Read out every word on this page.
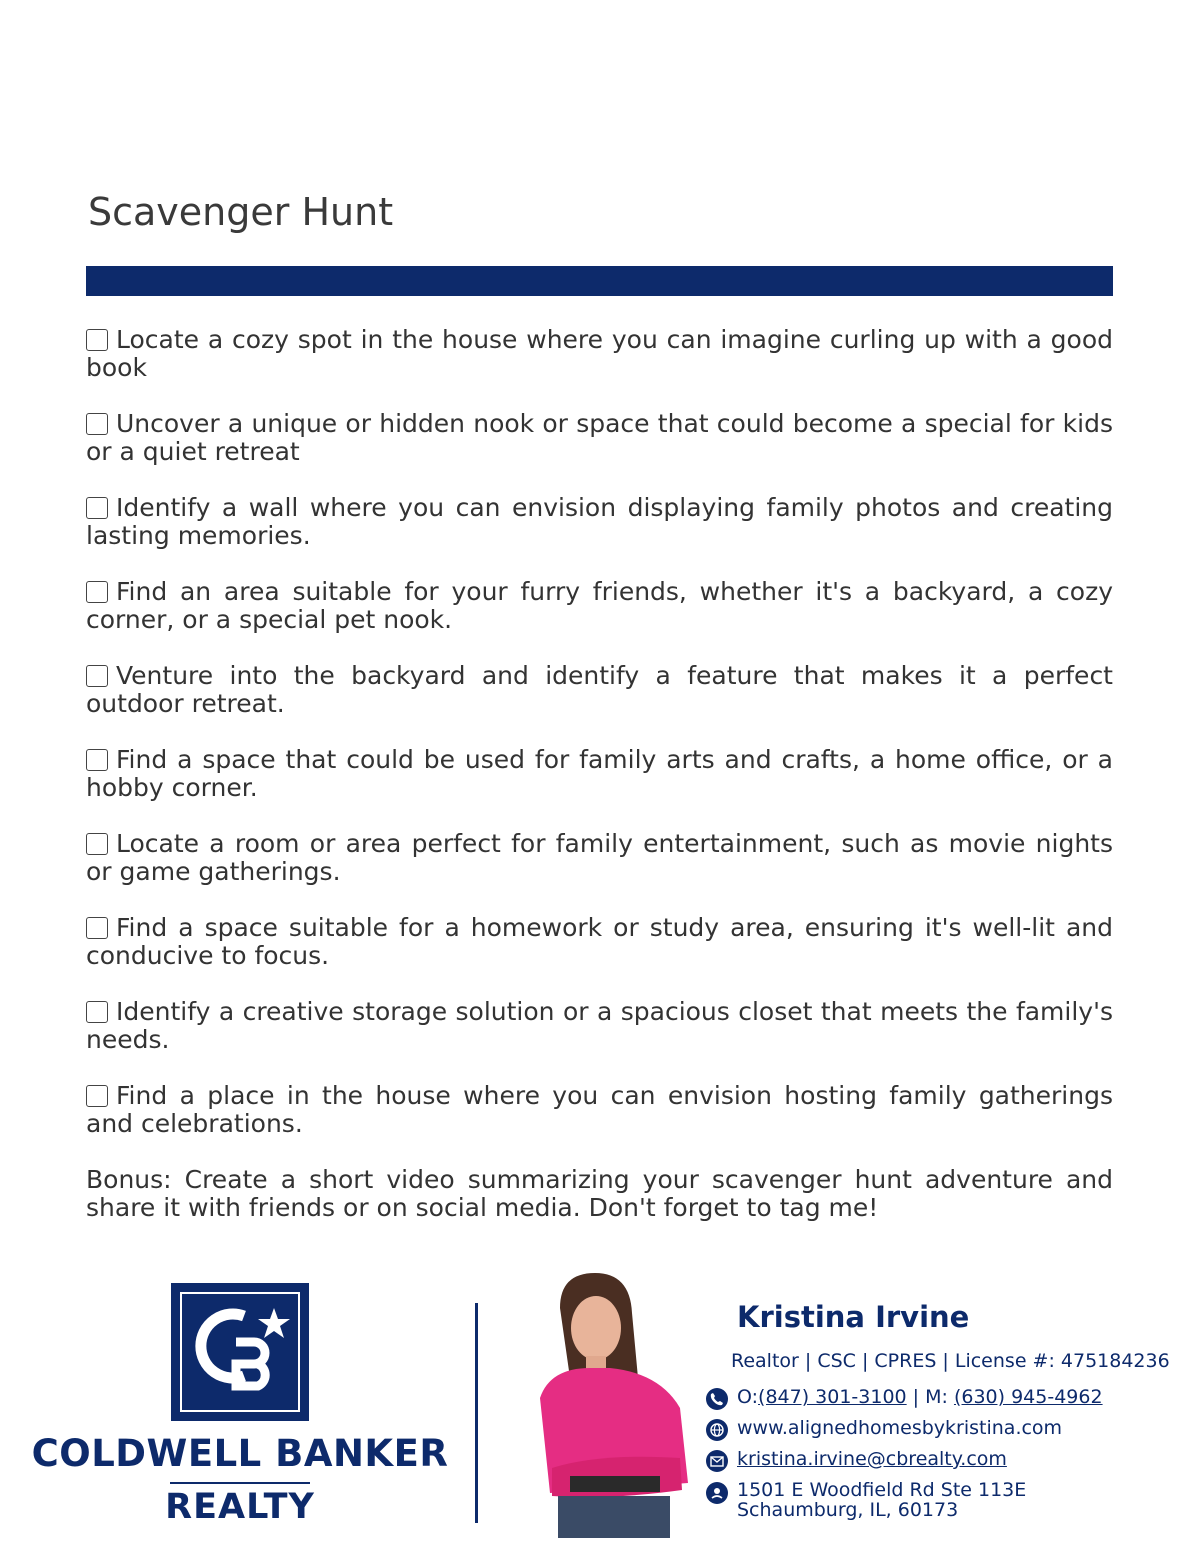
Scavenger Hunt
Locate a cozy spot in the house where you can imagine curling up with a good book
Uncover a unique or hidden nook or space that could become a special for kids or a quiet retreat
Identify a wall where you can envision displaying family photos and creating lasting memories.
Find an area suitable for your furry friends, whether it's a backyard, a cozy corner, or a special pet nook.
Venture into the backyard and identify a feature that makes it a perfect outdoor retreat.
Find a space that could be used for family arts and crafts, a home office, or a hobby corner.
Locate a room or area perfect for family entertainment, such as movie nights or game gatherings.
Find a space suitable for a homework or study area, ensuring it's well-lit and conducive to focus.
Identify a creative storage solution or a spacious closet that meets the family's needs.
Find a place in the house where you can envision hosting family gatherings and celebrations.
Bonus: Create a short video summarizing your scavenger hunt adventure and share it with friends or on social media. Don't forget to tag me!
COLDWELL BANKER
REALTY
Kristina Irvine
Realtor | CSC | CPRES | License #: 475184236
O: (847) 301-3100 | M: (630) 945-4962
www.alignedhomesbykristina.com
kristina.irvine@cbrealty.com
1501 E Woodfield Rd Ste 113E
Schaumburg, IL, 60173
